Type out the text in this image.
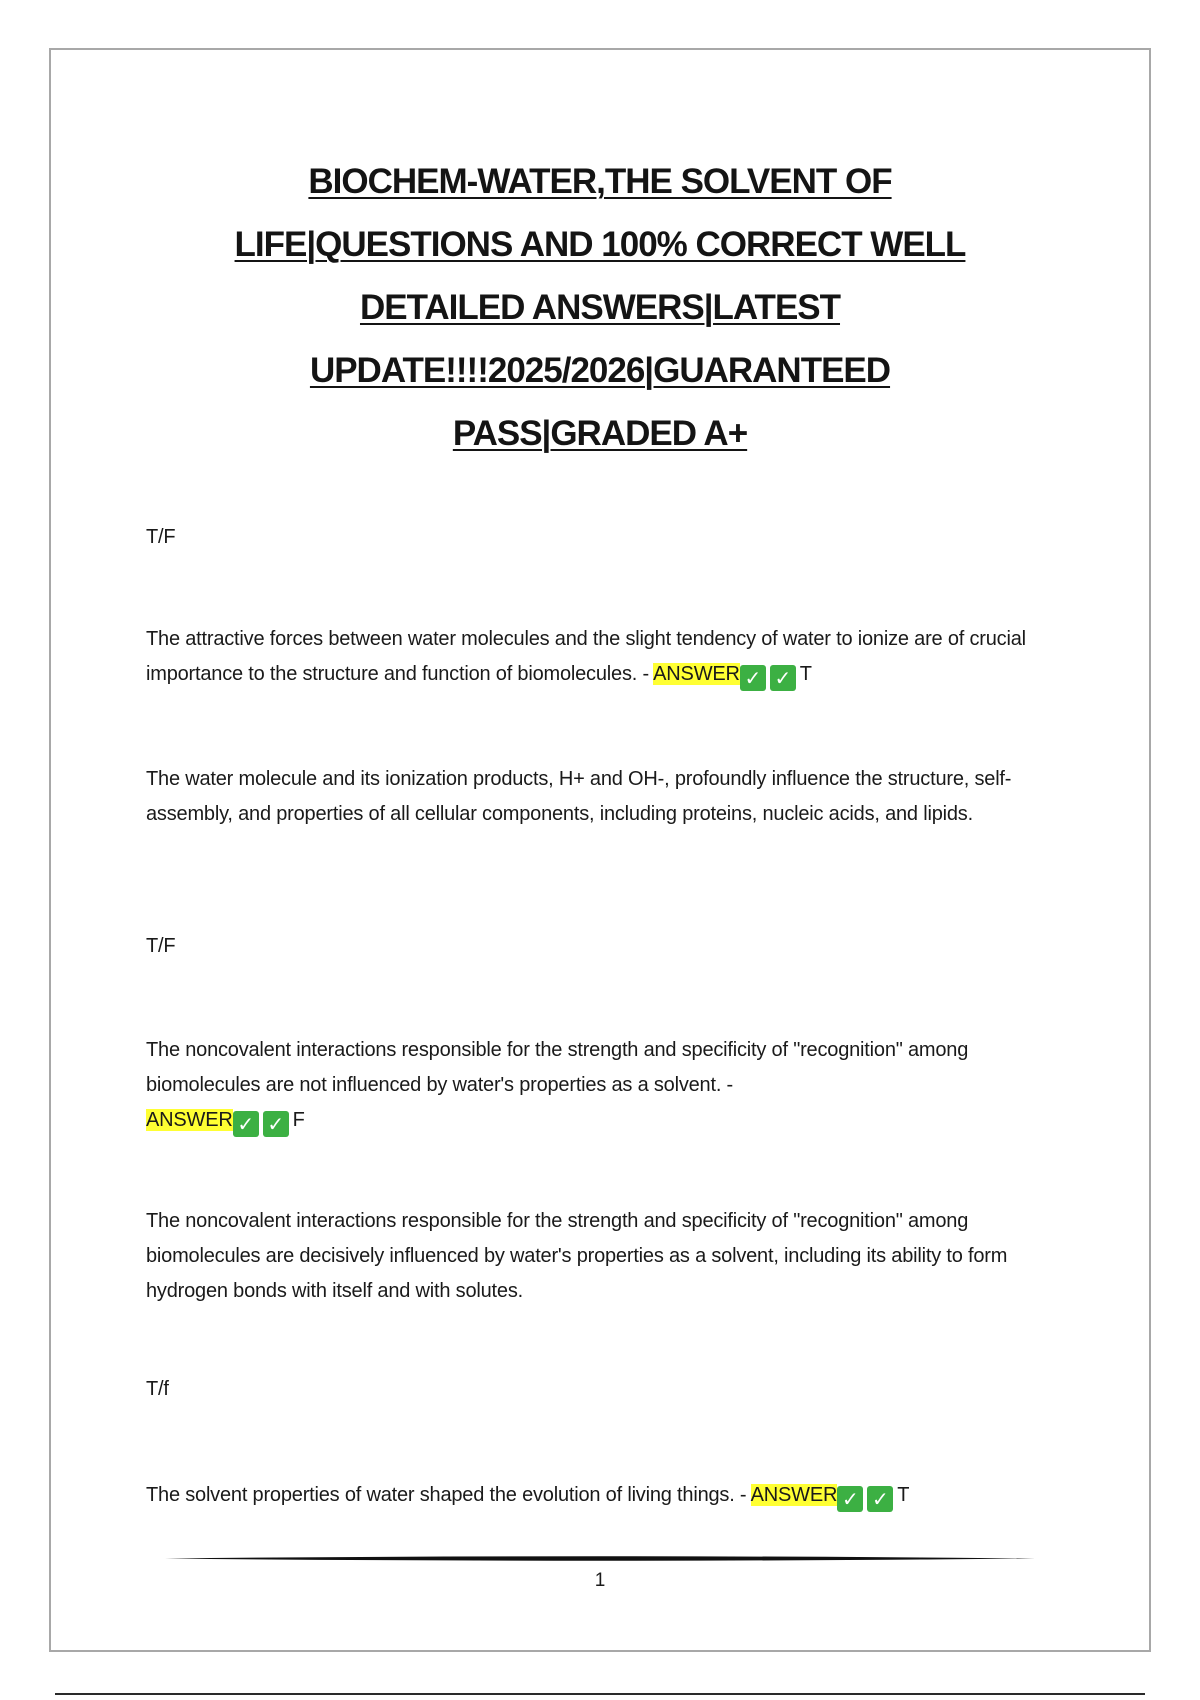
BIOCHEM-WATER,THE SOLVENT OF
LIFE|QUESTIONS AND 100% CORRECT WELL
DETAILED ANSWERS|LATEST
UPDATE!!!!2025/2026|GUARANTEED
PASS|GRADED A+

T/F

The attractive forces between water molecules and the slight tendency of water to ionize are of crucial importance to the structure and function of biomolecules. - ANSWER ✓ ✓ T

The water molecule and its ionization products, H+ and OH-, profoundly influence the structure, self-assembly, and properties of all cellular components, including proteins, nucleic acids, and lipids.

T/F

The noncovalent interactions responsible for the strength and specificity of "recognition" among biomolecules are not influenced by water's properties as a solvent. -
ANSWER ✓ ✓ F

The noncovalent interactions responsible for the strength and specificity of "recognition" among biomolecules are decisively influenced by water's properties as a solvent, including its ability to form hydrogen bonds with itself and with solutes.

T/f

The solvent properties of water shaped the evolution of living things. - ANSWER ✓ ✓ T

1
